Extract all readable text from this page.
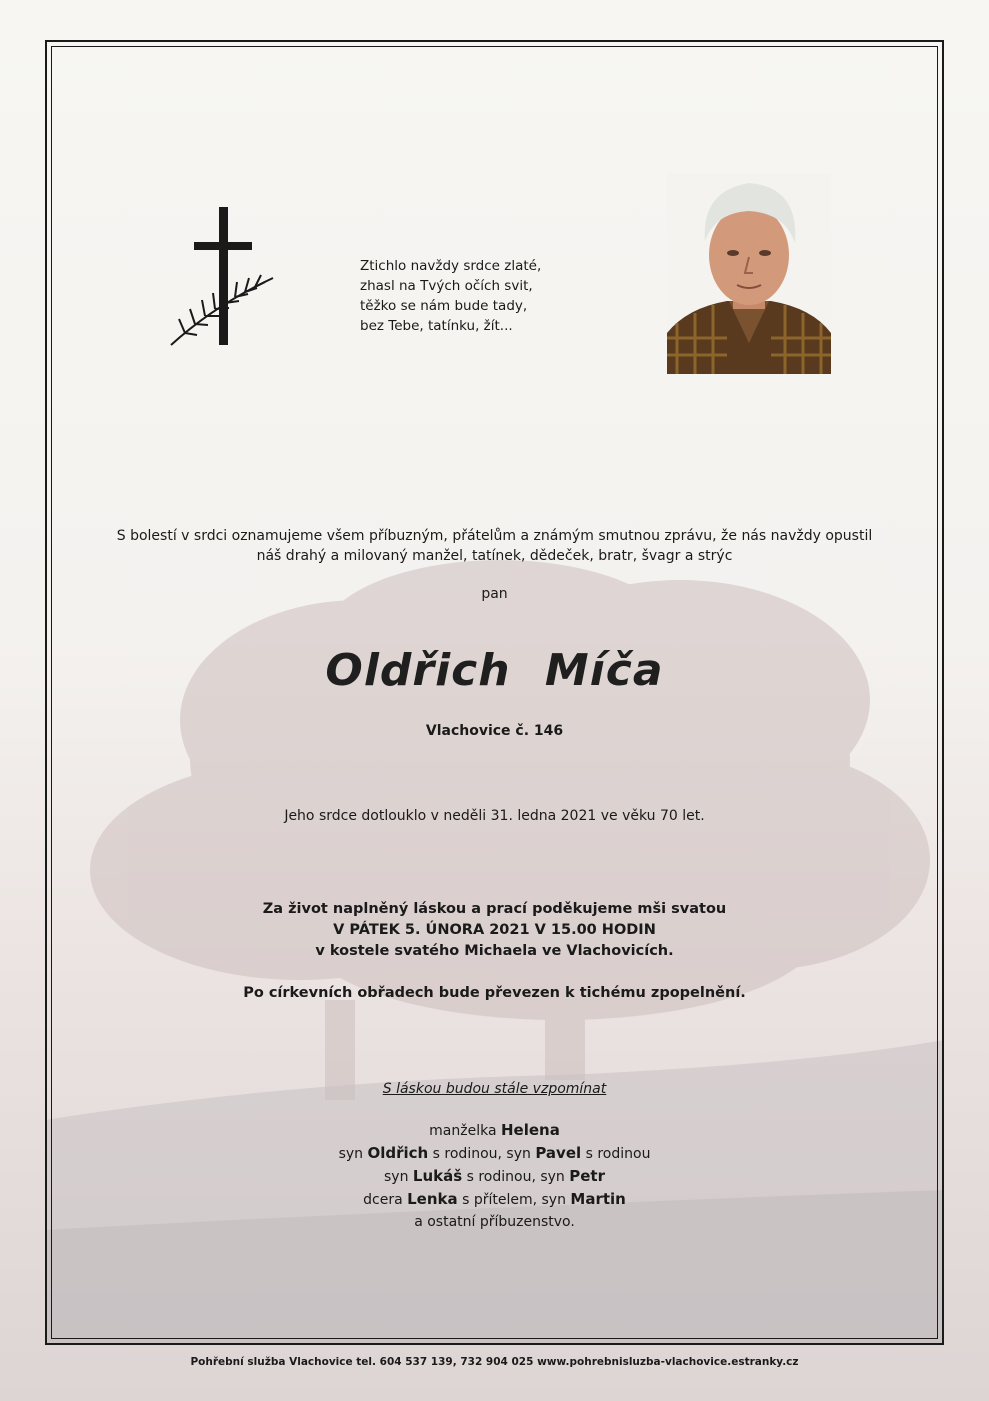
Ztichlo navždy srdce zlaté,
zhasl na Tvých očích svit,
těžko se nám bude tady,
bez Tebe, tatínku, žít...
S bolestí v srdci oznamujeme všem příbuzným, přátelům a známým smutnou zprávu, že nás navždy opustil
náš drahý a milovaný manžel, tatínek, dědeček, bratr, švagr a strýc
pan
Oldřich Míča
Vlachovice č. 146
Jeho srdce dotlouklo v neděli 31. ledna 2021 ve věku 70 let.
Za život naplněný láskou a prací poděkujeme mši svatou
V PÁTEK 5. ÚNORA 2021 V 15.00 HODIN
v kostele svatého Michaela ve Vlachovicích.
Po církevních obřadech bude převezen k tichému zpopelnění.
S láskou budou stále vzpomínat
manželka Helena
syn Oldřich s rodinou, syn Pavel s rodinou
syn Lukáš s rodinou, syn Petr
dcera Lenka s přítelem, syn Martin
a ostatní příbuzenstvo.
Pohřební služba Vlachovice tel. 604 537 139, 732 904 025 www.pohrebnisluzba-vlachovice.estranky.cz
